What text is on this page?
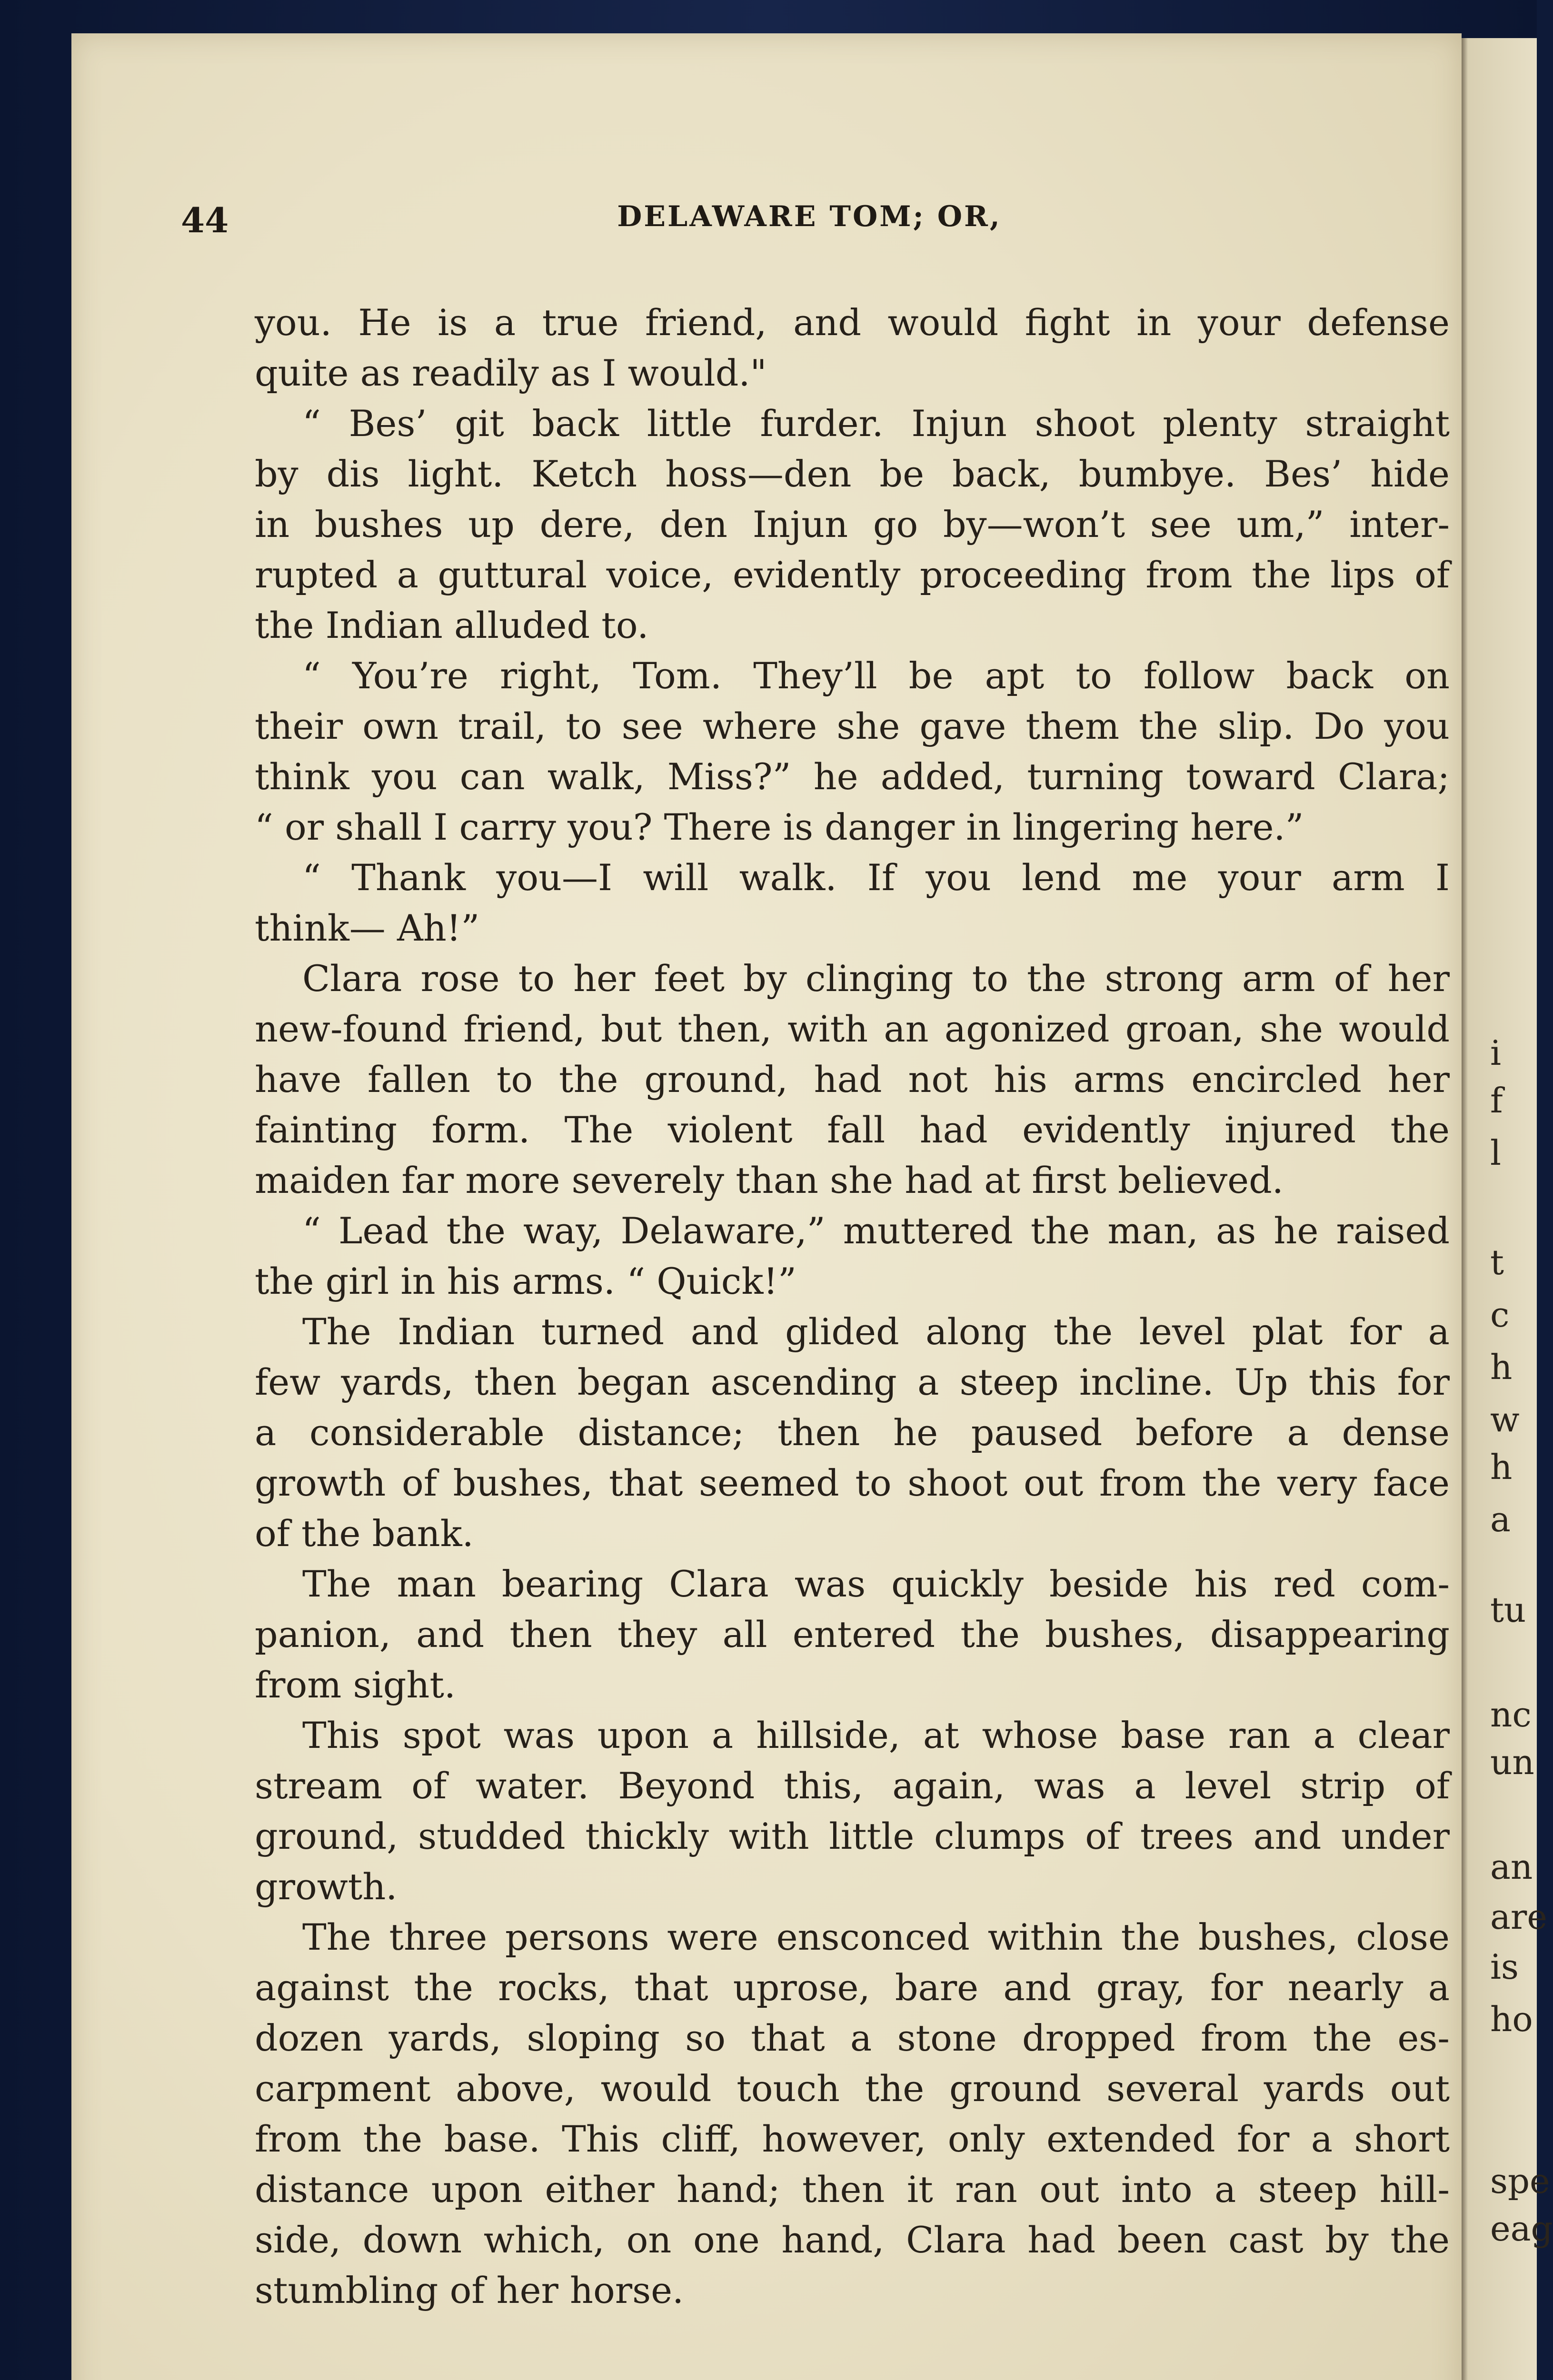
i
f
l
t
c
h
w
h
a
tu
nc
un
an
are
is
ho
spe
eag
44	DELAWARE TOM; OR,
you. He is a true friend, and would fight in your defense
quite as readily as I would."
“ Bes’ git back little furder. Injun shoot plenty straight
by dis light. Ketch hoss—den be back, bumbye. Bes’ hide
in bushes up dere, den Injun go by—won’t see um,” inter-
rupted a guttural voice, evidently proceeding from the lips of
the Indian alluded to.
“ You’re right, Tom. They’ll be apt to follow back on
their own trail, to see where she gave them the slip. Do you
think you can walk, Miss?” he added, turning toward Clara;
“ or shall I carry you? There is danger in lingering here.”
“ Thank you—I will walk. If you lend me your arm I
think— Ah!”
Clara rose to her feet by clinging to the strong arm of her
new-found friend, but then, with an agonized groan, she would
have fallen to the ground, had not his arms encircled her
fainting form. The violent fall had evidently injured the
maiden far more severely than she had at first believed.
“ Lead the way, Delaware,” muttered the man, as he raised
the girl in his arms. “ Quick!”
The Indian turned and glided along the level plat for a
few yards, then began ascending a steep incline. Up this for
a considerable distance; then he paused before a dense
growth of bushes, that seemed to shoot out from the very face
of the bank.
The man bearing Clara was quickly beside his red com-
panion, and then they all entered the bushes, disappearing
from sight.
This spot was upon a hillside, at whose base ran a clear
stream of water. Beyond this, again, was a level strip of
ground, studded thickly with little clumps of trees and under
growth.
The three persons were ensconced within the bushes, close
against the rocks, that uprose, bare and gray, for nearly a
dozen yards, sloping so that a stone dropped from the es-
carpment above, would touch the ground several yards out
from the base. This cliff, however, only extended for a short
distance upon either hand; then it ran out into a steep hill-
side, down which, on one hand, Clara had been cast by the
stumbling of her horse.
